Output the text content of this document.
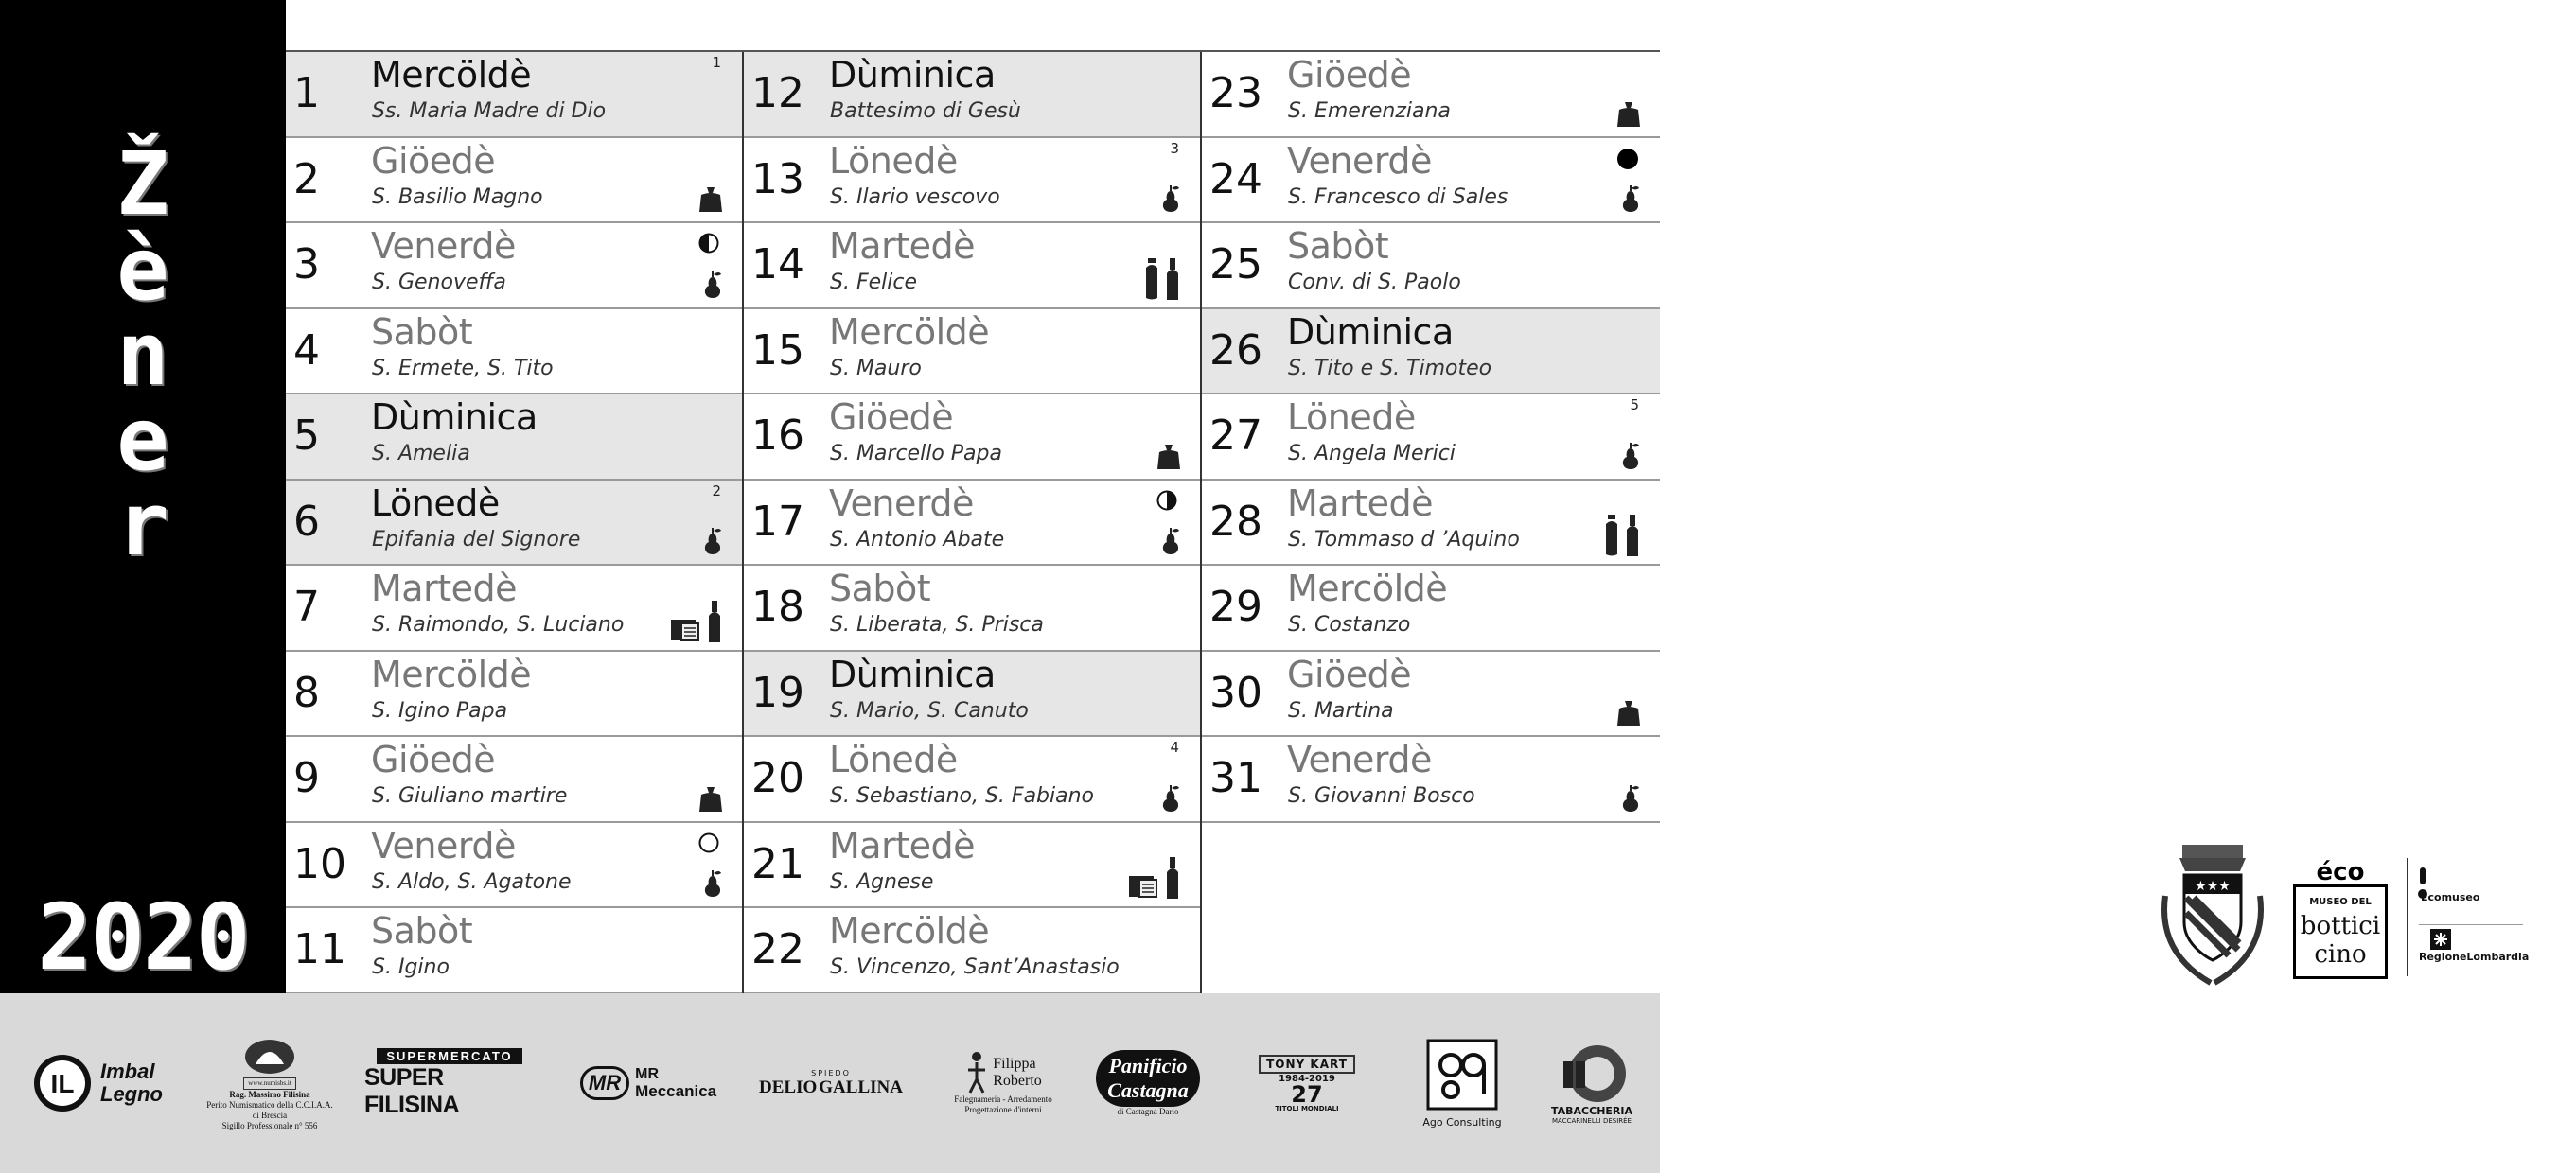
Ž
è
n
e
r
2020
1 Mercöldè
Ss. Maria Madre di Dio
1
2 Giöedè
S. Basilio Magno
3 Venerdè
S. Genoveffa
4 Sabòt
S. Ermete, S. Tito
5 Dùminica
S. Amelia
6 Lönedè
Epifania del Signore
2
7 Martedè
S. Raimondo, S. Luciano
8 Mercöldè
S. Igino Papa
9 Giöedè
S. Giuliano martire
10 Venerdè
S. Aldo, S. Agatone
11 Sabòt
S. Igino
12 Dùminica
Battesimo di Gesù
13 Lönedè
S. Ilario vescovo
3
14 Martedè
S. Felice
15 Mercöldè
S. Mauro
16 Giöedè
S. Marcello Papa
17 Venerdè
S. Antonio Abate
18 Sabòt
S. Liberata, S. Prisca
19 Dùminica
S. Mario, S. Canuto
20 Lönedè
S. Sebastiano, S. Fabiano
4
21 Martedè
S. Agnese
22 Mercöldè
S. Vincenzo, Sant’Anastasio
★★★	éco
MUSEO DEL
bottici
cino
Ecomuseo
RegioneLombardia
23 Giöedè
S. Emerenziana
24 Venerdè
S. Francesco di Sales
25 Sabòt
Conv. di S. Paolo
26 Dùminica
S. Tito e S. Timoteo
27 Lönedè
S. Angela Merici
5
28 Martedè
S. Tommaso d ’Aquino
29 Mercöldè
S. Costanzo
30 Giöedè
S. Martina
31 Venerdè
S. Giovanni Bosco
IL Imbal
Legno	www.numisbs.it
Rag. Massimo Filisina
Perito Numismatico della C.C.I.A.A.
di Brescia
Sigillo Professionale n° 556
SUPERMERCATO
SUPER FILISINA
MR MR
Meccanica
SPIEDO
DELIO GALLINA
Filippa
Roberto
Falegnameria - Arredamento
Progettazione d'interni
Panificio
Castagna
di Castagna Dario
TONY KART
1984-2019
27
TITOLI MONDIALI
Ago Consulting
TABACCHERIA
MACCARINELLI DESIRÉE
